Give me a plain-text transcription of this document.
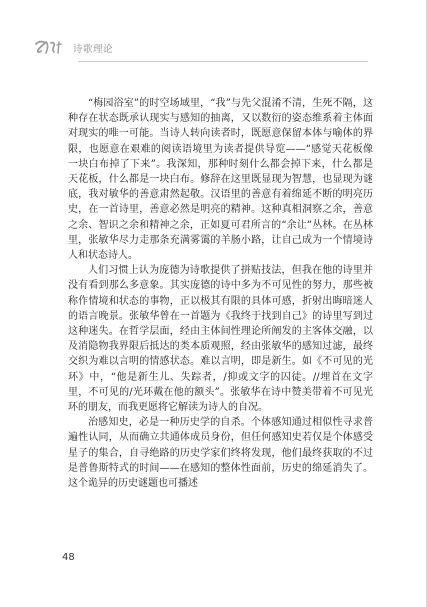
诗歌理论

“梅园浴室”的时空场域里，“我”与先父混淆不清，生死不隔，这种存在状态既承认现实与感知的抽离，又以数衍的姿态维系着主体面对现实的唯一可能。当诗人转向读者时，既愿意保留本体与喻体的界限，也愿意在艰难的阅读语境里为读者提供导览——“感觉天花板像一块白布掉了下来”。我深知，那种时刻什么都会掉下来，什么都是天花板，什么都是一块白布。修辞在这里既显现为智慧，也显现为谜底，我对敏华的善意肃然起敬。汉语里的善意有着绵延不断的明亮历史，在一首诗里，善意必然是明亮的精神。这种真相洞察之余，善意之余、智识之余和精神之余，正如夏可君所言的“余让”丛林。在丛林里，张敏华尽力走那条充满雾霭的羊肠小路，让自己成为一个情境诗人和状态诗人。

人们习惯上认为庞德为诗歌提供了拼贴技法，但我在他的诗里并没有看到那么多意象。其实庞德的诗中多为不可见性的努力，那些被称作情境和状态的事物，正以极其有限的具体可感，折射出晦暗迷人的语言晚景。张敏华曾在一首题为《我终于找到自己》的诗里写到过这种迷失。在哲学层面，经由主体间性理论所阐发的主客体交融，以及消隐物我界限后抵达的类本质观照，经由张敏华的感知过滤，最终交织为难以言明的情感状态。难以言明，即是新生。如《不可见的光环》中，“他是新生儿、失踪者，/抑或文字的囚徒。//埋首在文字里，不可见的/光环戴在他的额头”。张敏华在诗中赞美带着不可见光环的朋友，而我更愿将它解读为诗人的自况。

治感知史，必是一种历史学的自杀。个体感知通过相似性寻求普遍性认同，从而确立共通体成员身份，但任何感知史若仅是个体感受星子的集合，自寻绝路的历史学家们终将发现，他们最终获取的不过是普鲁斯特式的时间——在感知的整体性面前，历史的绵延消失了。这个诡异的历史谜题也可播述

48
